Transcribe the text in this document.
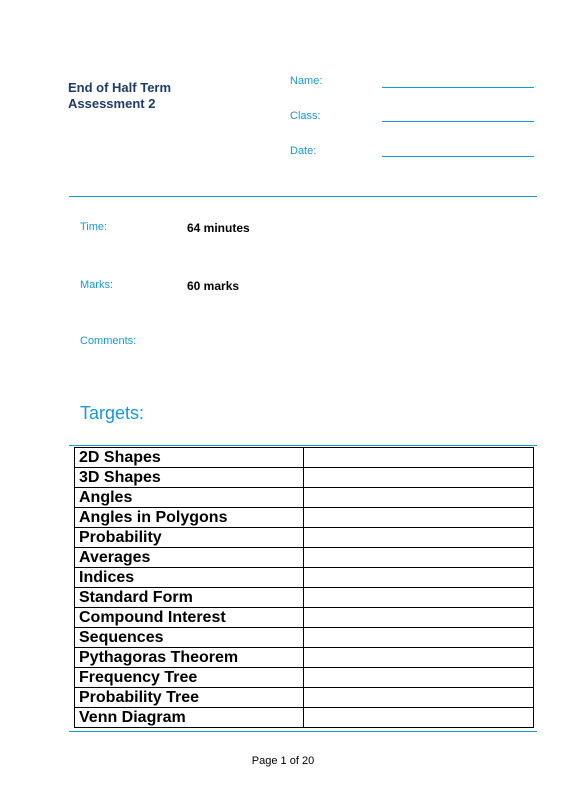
End of Half Term
Assessment 2
Name:
Class:
Date:
Time:	64 minutes
Marks:	60 marks
Comments:
Targets:
2D Shapes	
3D Shapes	
Angles	
Angles in Polygons	
Probability	
Averages	
Indices	
Standard Form	
Compound Interest	
Sequences	
Pythagoras Theorem	
Frequency Tree	
Probability Tree	
Venn Diagram	
Page 1 of 20
